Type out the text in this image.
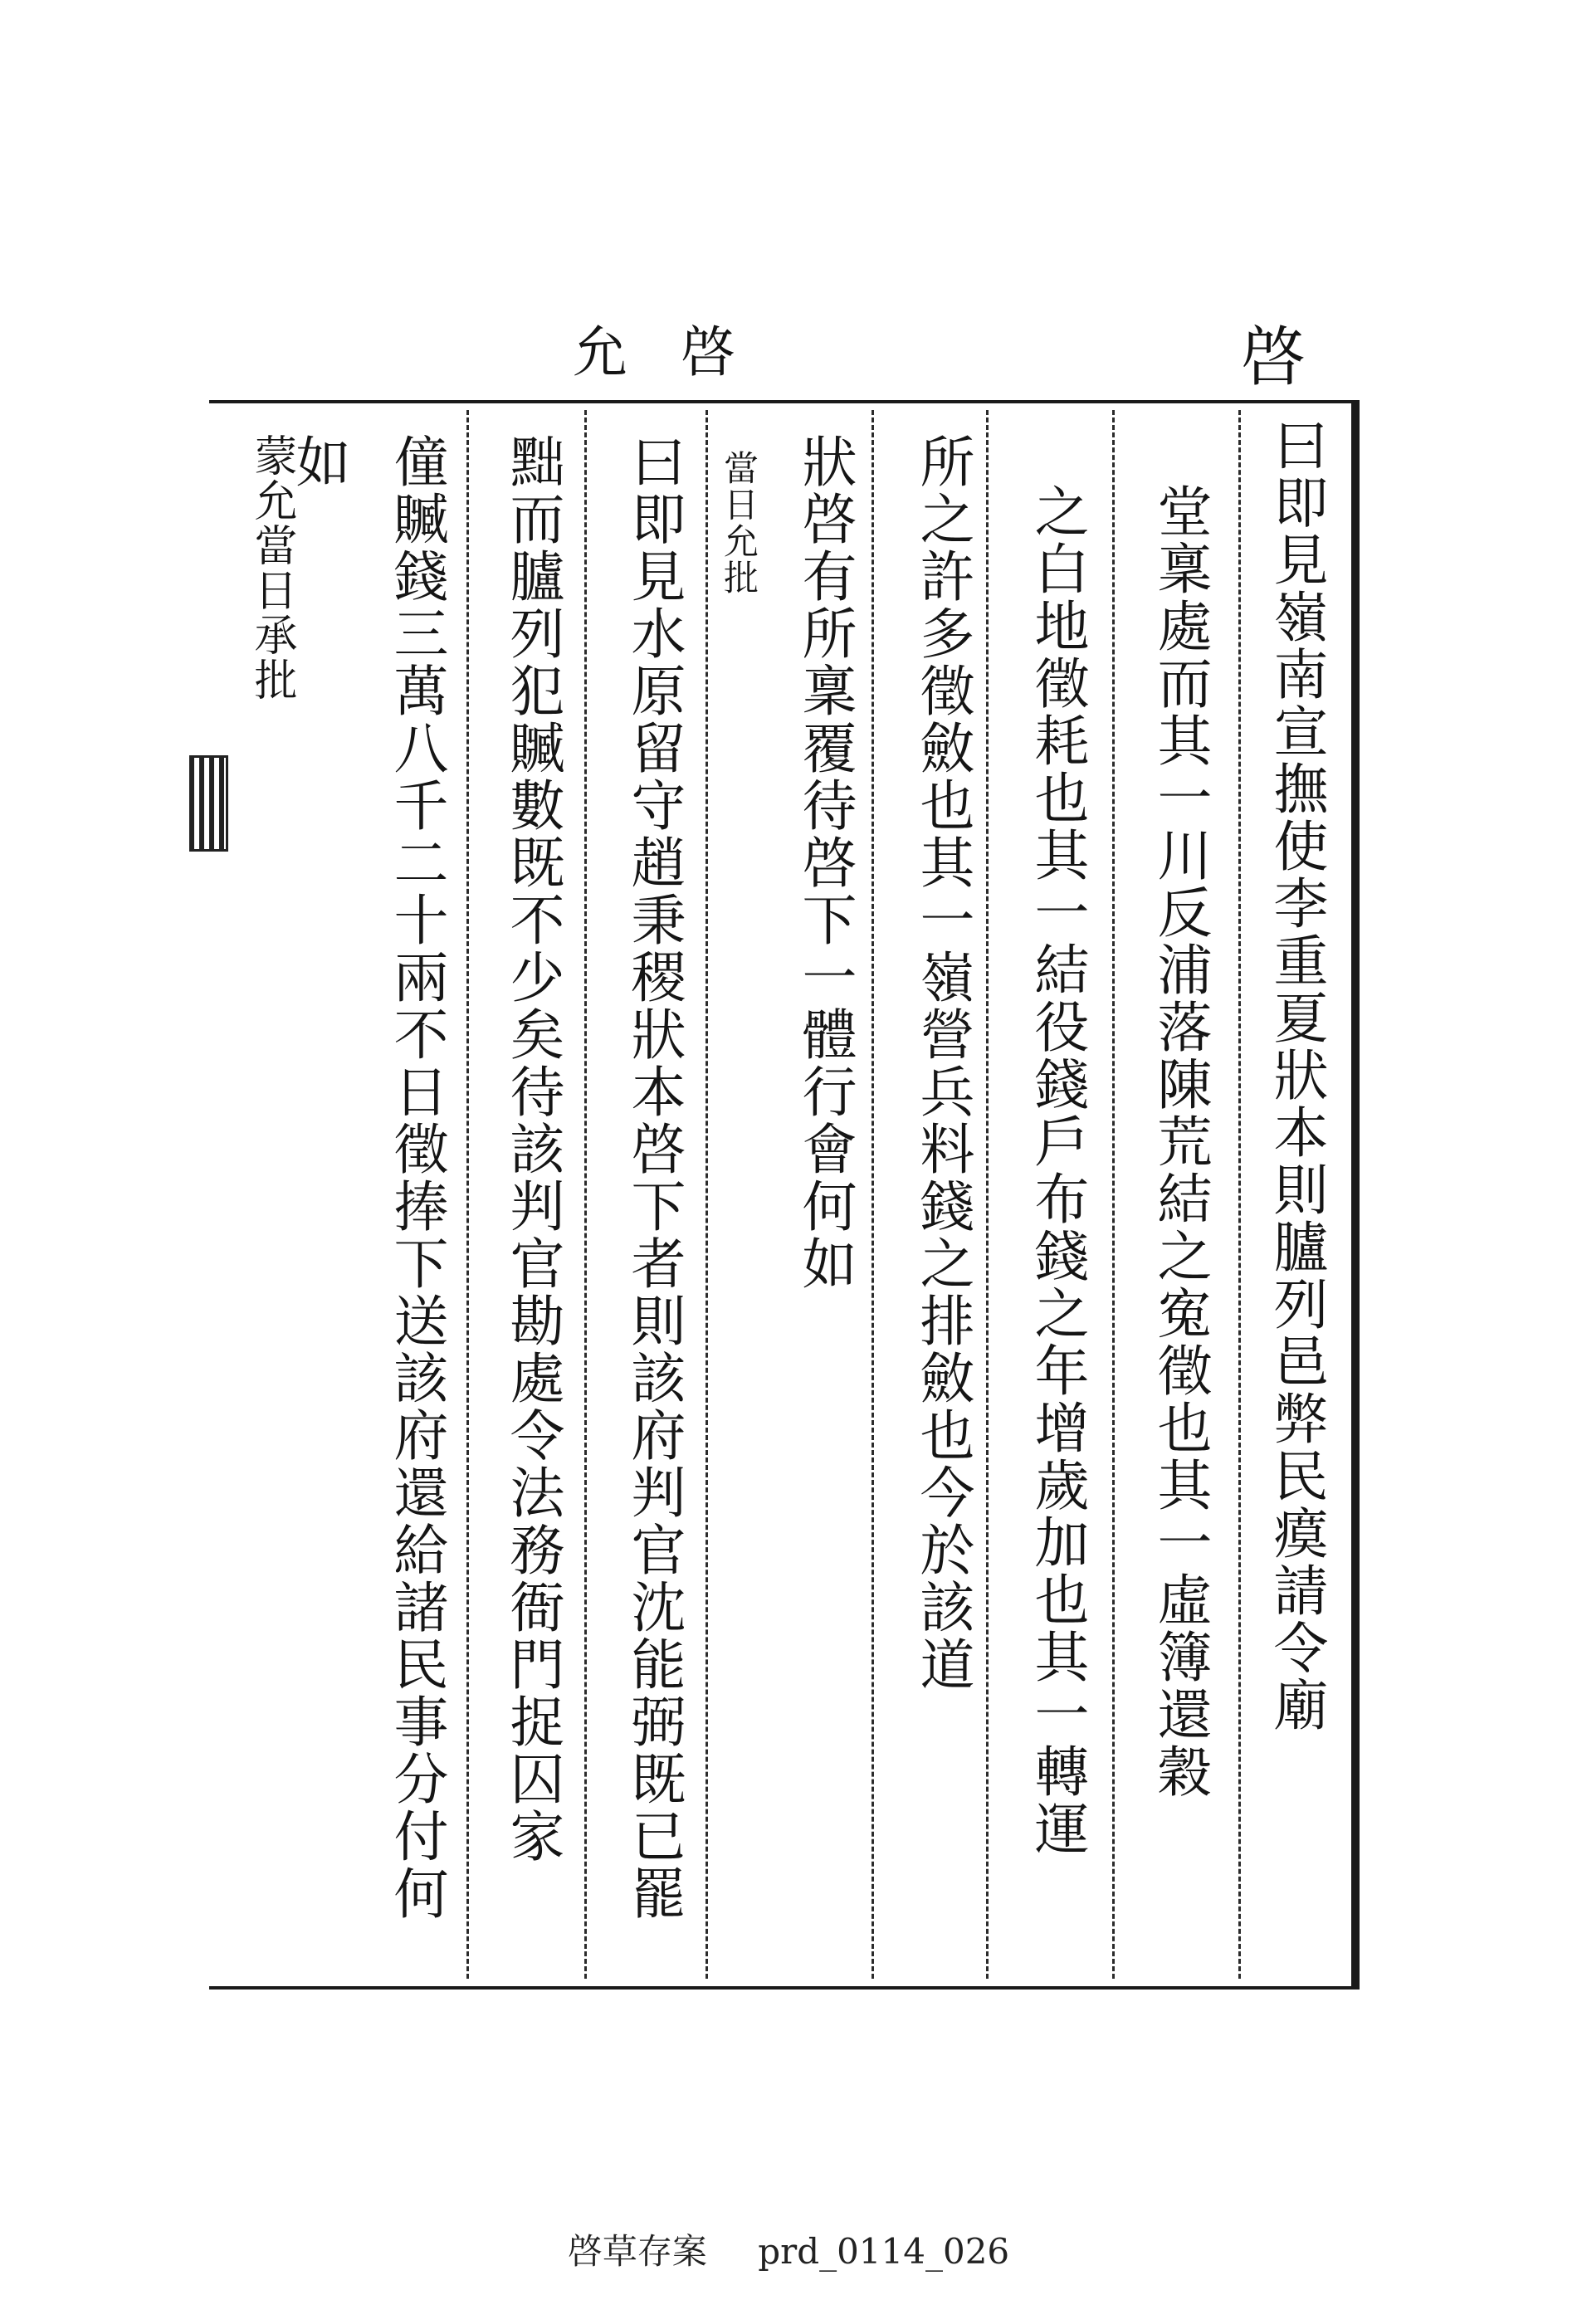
允啓	啓
曰即見嶺南宣撫使李重夏狀本則臚列邑弊民瘼請令廟
堂稟處而其一川反浦落陳荒結之寃徵也其一虛簿還穀
之白地徵耗也其一結役錢戶布錢之年增歲加也其一轉運
所之許多徵斂也其一嶺營兵料錢之排斂也今於該道
狀啓有所稟覆待啓下一體行會何如
當日允批
曰即見水原留守趙秉稷狀本啓下者則該府判官沈能弼既已罷
黜而臚列犯贓數既不少矣待該判官勘處令法務衙門捉囚家
僮贓錢三萬八千二十兩不日徵捧下送該府還給諸民事分付何如
蒙允當日承批
啓草存案 prd_0114_026
